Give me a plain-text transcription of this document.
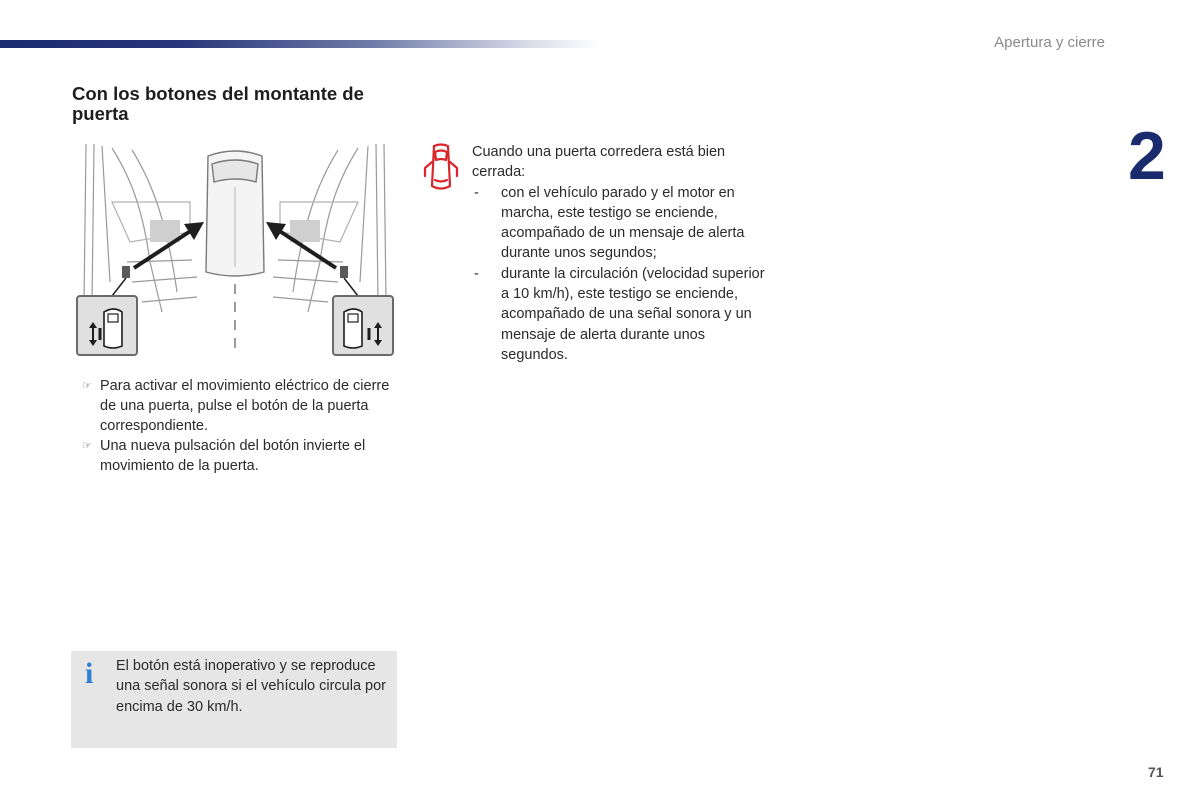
Apertura y cierre
2
Con los botones del montante de puerta
☞ Para activar el movimiento eléctrico de cierre de una puerta, pulse el botón de la puerta correspondiente.
☞ Una nueva pulsación del botón invierte el movimiento de la puerta.

Cuando una puerta corredera está bien cerrada:

- con el vehículo parado y el motor en marcha, este testigo se enciende, acompañado de un mensaje de alerta durante unos segundos;
- durante la circulación (velocidad superior a 10 km/h), este testigo se enciende, acompañado de una señal sonora y un mensaje de alerta durante unos segundos.
i El botón está inoperativo y se reproduce una señal sonora si el vehículo circula por encima de 30 km/h.
71
